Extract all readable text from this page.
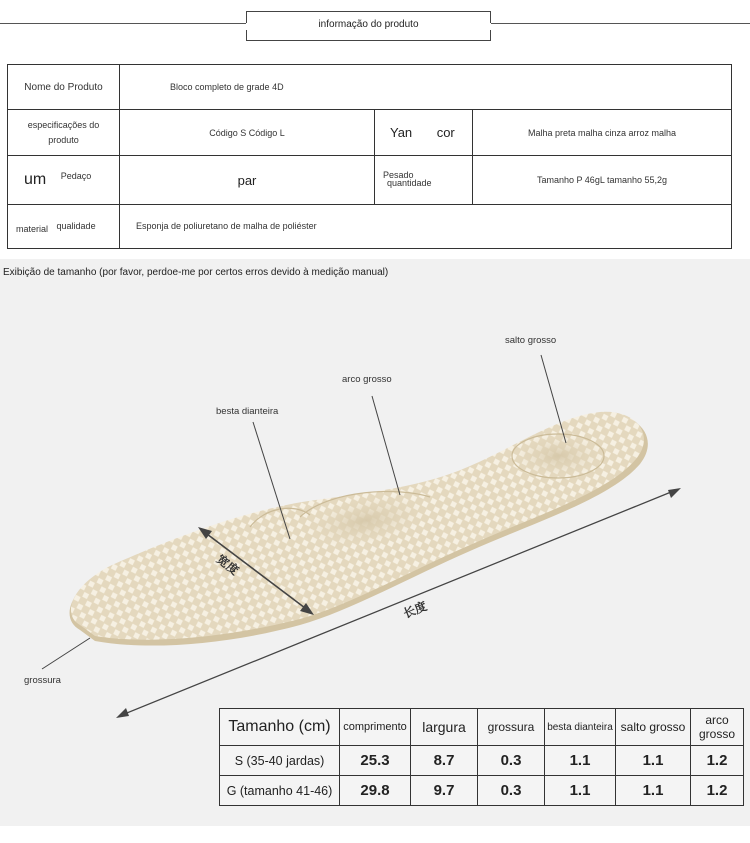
informação do produto
Nome do Produto	Bloco completo de grade 4D		
especificações do produto	Código S Código L	Yan cor	Malha preta malha cinza arroz malha
um Pedaço	par	Pesado quantidade	Tamanho P 46gL tamanho 55,2g
material qualidade	Esponja de poliuretano de malha de poliéster		
Exibição de tamanho (por favor, perdoe-me por certos erros devido à medição manual)
salto grosso
arco grosso
besta dianteira
宽度
长度
grossura
Tamanho (cm)	comprimento	largura	grossura	besta dianteira	salto grosso	arco grosso
S (35-40 jardas)	25.3	8.7	0.3	1.1	1.1	1.2
G (tamanho 41-46)	29.8	9.7	0.3	1.1	1.1	1.2
